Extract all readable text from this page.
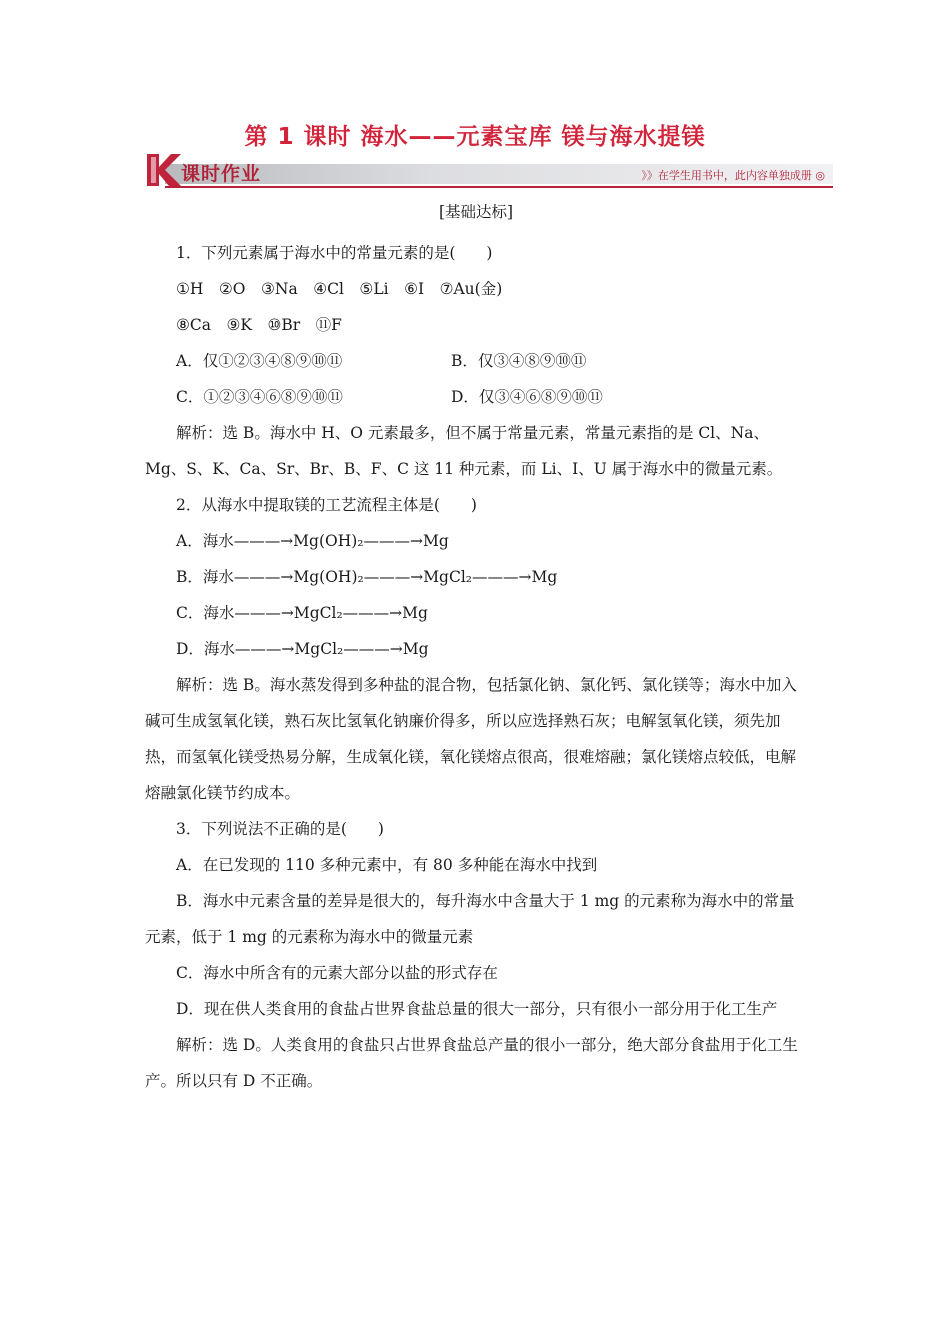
第 1 课时 海水——元素宝库 镁与海水提镁
课时作业	》》在学生用书中，此内容单独成册 ◎
[基础达标]

1．下列元素属于海水中的常量元素的是(　　)

①H　②O　③Na　④Cl　⑤Li　⑥I　⑦Au(金)

⑧Ca　⑨K　⑩Br　⑪F

A．仅①②③④⑧⑨⑩⑪	B．仅③④⑧⑨⑩⑪
C．①②③④⑥⑧⑨⑩⑪	D．仅③④⑥⑧⑨⑩⑪

解析：选 B。海水中 H、O 元素最多，但不属于常量元素，常量元素指的是 Cl、Na、Mg、S、K、Ca、Sr、Br、B、F、C 这 11 种元素，而 Li、I、U 属于海水中的微量元素。

2．从海水中提取镁的工艺流程主体是(　　)

A．海水———→Mg(OH)₂———→Mg

B．海水———→Mg(OH)₂———→MgCl₂———→Mg

C．海水———→MgCl₂———→Mg

D．海水———→MgCl₂———→Mg

解析：选 B。海水蒸发得到多种盐的混合物，包括氯化钠、氯化钙、氯化镁等；海水中加入碱可生成氢氧化镁，熟石灰比氢氧化钠廉价得多，所以应选择熟石灰；电解氢氧化镁，须先加热，而氢氧化镁受热易分解，生成氧化镁，氧化镁熔点很高，很难熔融；氯化镁熔点较低，电解熔融氯化镁节约成本。

3．下列说法不正确的是(　　)

A．在已发现的 110 多种元素中，有 80 多种能在海水中找到

B．海水中元素含量的差异是很大的，每升海水中含量大于 1 mg 的元素称为海水中的常量元素，低于 1 mg 的元素称为海水中的微量元素

C．海水中所含有的元素大部分以盐的形式存在

D．现在供人类食用的食盐占世界食盐总量的很大一部分，只有很小一部分用于化工生产

解析：选 D。人类食用的食盐只占世界食盐总产量的很小一部分，绝大部分食盐用于化工生产。所以只有 D 不正确。
